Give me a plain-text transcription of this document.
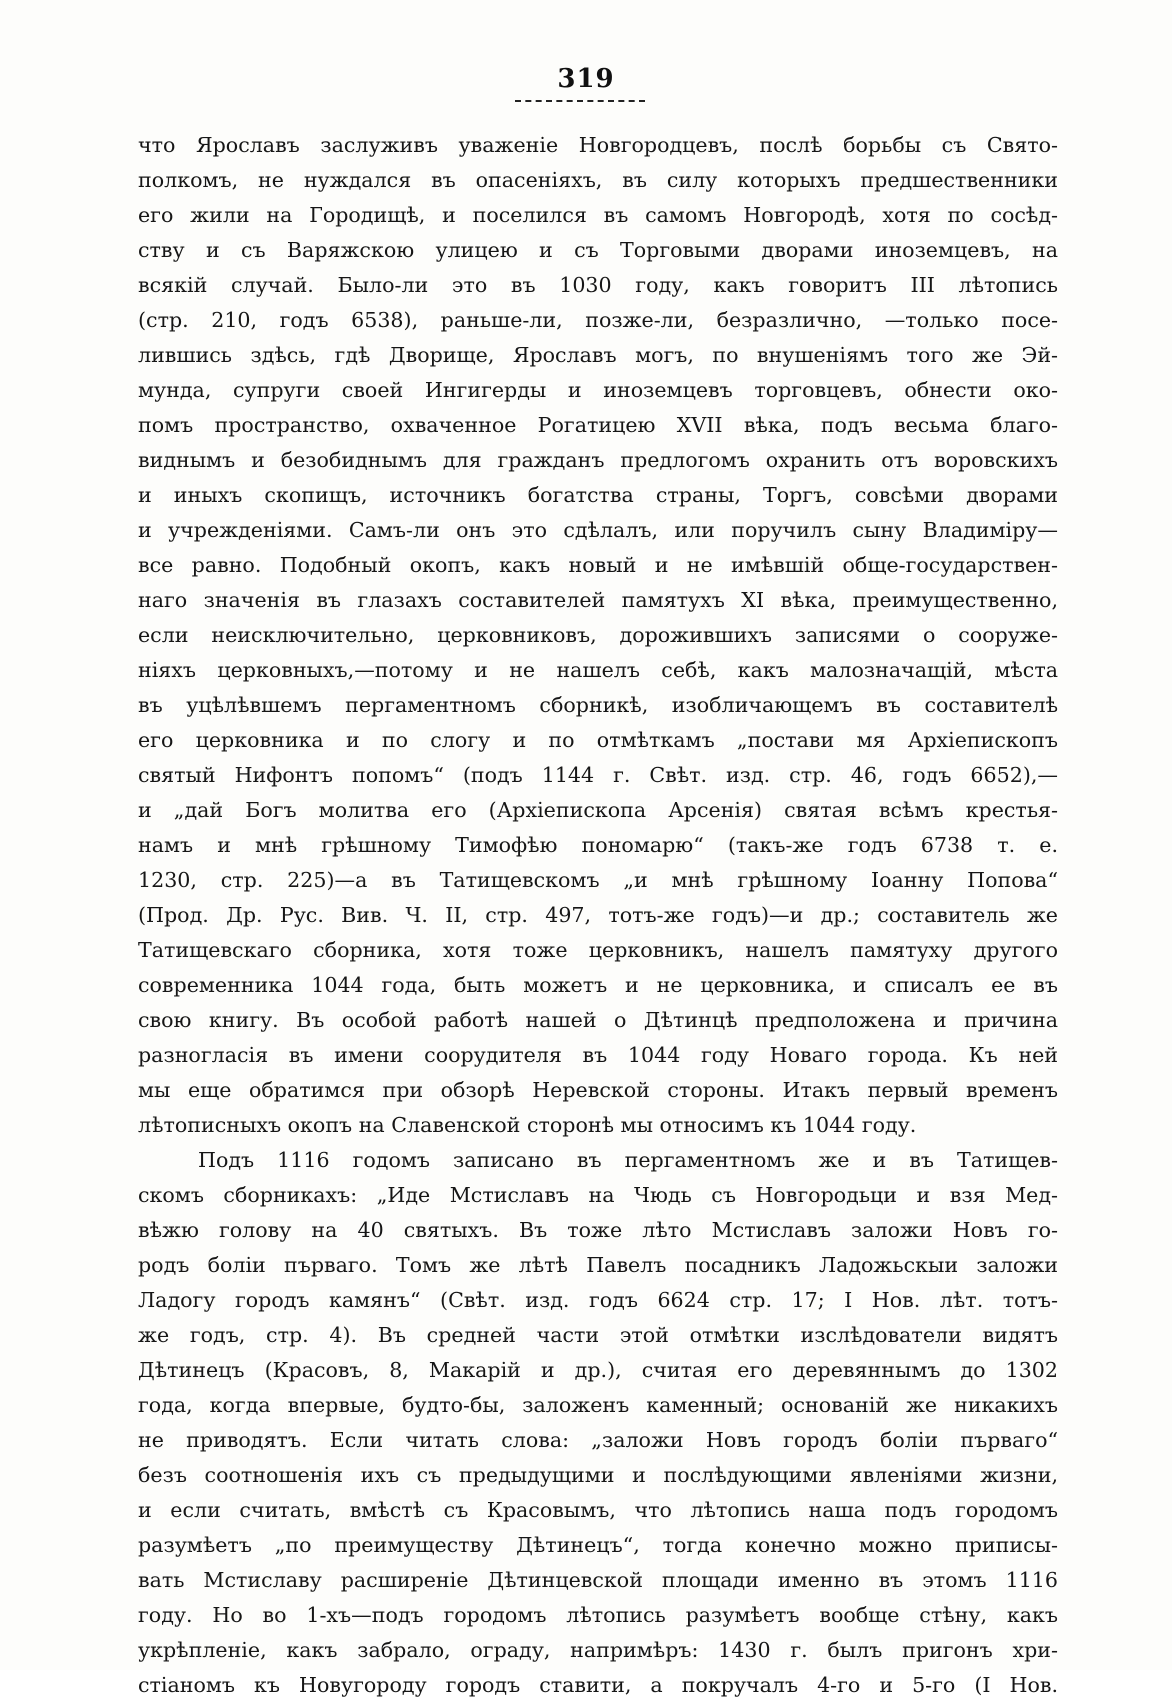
319
что Ярославъ заслуживъ уваженіе Новгородцевъ, послѣ борьбы съ Свято-
полкомъ, не нуждался въ опасеніяхъ, въ силу которыхъ предшественники
его жили на Городищѣ, и поселился въ самомъ Новгородѣ, хотя по сосѣд-
ству и съ Варяжскою улицею и съ Торговыми дворами иноземцевъ, на
всякій случай. Было-ли это въ 1030 году, какъ говоритъ III лѣтопись
(стр. 210, годъ 6538), раньше-ли, позже-ли, безразлично, —только посе-
лившись здѣсь, гдѣ Дворище, Ярославъ могъ, по внушеніямъ того же Эй-
мунда, супруги своей Ингигерды и иноземцевъ торговцевъ, обнести око-
помъ пространство, охваченное Рогатицею XVII вѣка, подъ весьма благо-
виднымъ и безобиднымъ для гражданъ предлогомъ охранить отъ воровскихъ
и иныхъ скопищъ, источникъ богатства страны, Торгъ, совсѣми дворами
и учрежденіями. Самъ-ли онъ это сдѣлалъ, или поручилъ сыну Владиміру—
все равно. Подобный окопъ, какъ новый и не имѣвшій обще-государствен-
наго значенія въ глазахъ составителей памятухъ XI вѣка, преимущественно,
если неисключительно, церковниковъ, дорожившихъ записями о сооруже-
ніяхъ церковныхъ,—потому и не нашелъ себѣ, какъ малозначащій, мѣста
въ уцѣлѣвшемъ пергаментномъ сборникѣ, изобличающемъ въ составителѣ
его церковника и по слогу и по отмѣткамъ „постави мя Архіепископъ
святый Нифонтъ попомъ“ (подъ 1144 г. Свѣт. изд. стр. 46, годъ 6652),—
и „дай Богъ молитва его (Архіепископа Арсенія) святая всѣмъ крестья-
намъ и мнѣ грѣшному Тимофѣю пономарю“ (такъ-же годъ 6738 т. е.
1230, стр. 225)—а въ Татищевскомъ „и мнѣ грѣшному Іоанну Попова“
(Прод. Др. Рус. Вив. Ч. II, стр. 497, тотъ-же годъ)—и др.; составитель же
Татищевскаго сборника, хотя тоже церковникъ, нашелъ памятуху другого
современника 1044 года, быть можетъ и не церковника, и списалъ ее въ
свою книгу. Въ особой работѣ нашей о Дѣтинцѣ предположена и причина
разногласія въ имени соорудителя въ 1044 году Новаго города. Къ ней
мы еще обратимся при обзорѣ Неревской стороны. Итакъ первый временъ
лѣтописныхъ окопъ на Славенской сторонѣ мы относимъ къ 1044 году.
Подъ 1116 годомъ записано въ пергаментномъ же и въ Татищев-
скомъ сборникахъ: „Иде Мстиславъ на Чюдь съ Новгородьци и взя Мед-
вѣжю голову на 40 святыхъ. Въ тоже лѣто Мстиславъ заложи Новъ го-
родъ боліи първаго. Томъ же лѣтѣ Павелъ посадникъ Ладожьскыи заложи
Ладогу городъ камянъ“ (Свѣт. изд. годъ 6624 стр. 17; I Нов. лѣт. тотъ-
же годъ, стр. 4). Въ средней части этой отмѣтки изслѣдователи видятъ
Дѣтинецъ (Красовъ, 8, Макарій и др.), считая его деревяннымъ до 1302
года, когда впервые, будто-бы, заложенъ каменный; основаній же никакихъ
не приводятъ. Если читать слова: „заложи Новъ городъ боліи първаго“
безъ соотношенія ихъ съ предыдущими и послѣдующими явленіями жизни,
и если считать, вмѣстѣ съ Красовымъ, что лѣтопись наша подъ городомъ
разумѣетъ „по преимуществу Дѣтинецъ“, тогда конечно можно приписы-
вать Мстиславу расширеніе Дѣтинцевской площади именно въ этомъ 1116
году. Но во 1-хъ—подъ городомъ лѣтопись разумѣетъ вообще стѣну, какъ
укрѣпленіе, какъ забрало, ограду, напримѣръ: 1430 г. былъ пригонъ хри-
стіаномъ къ Новугороду городъ ставити, а покручалъ 4-го и 5-го (I Нов.
